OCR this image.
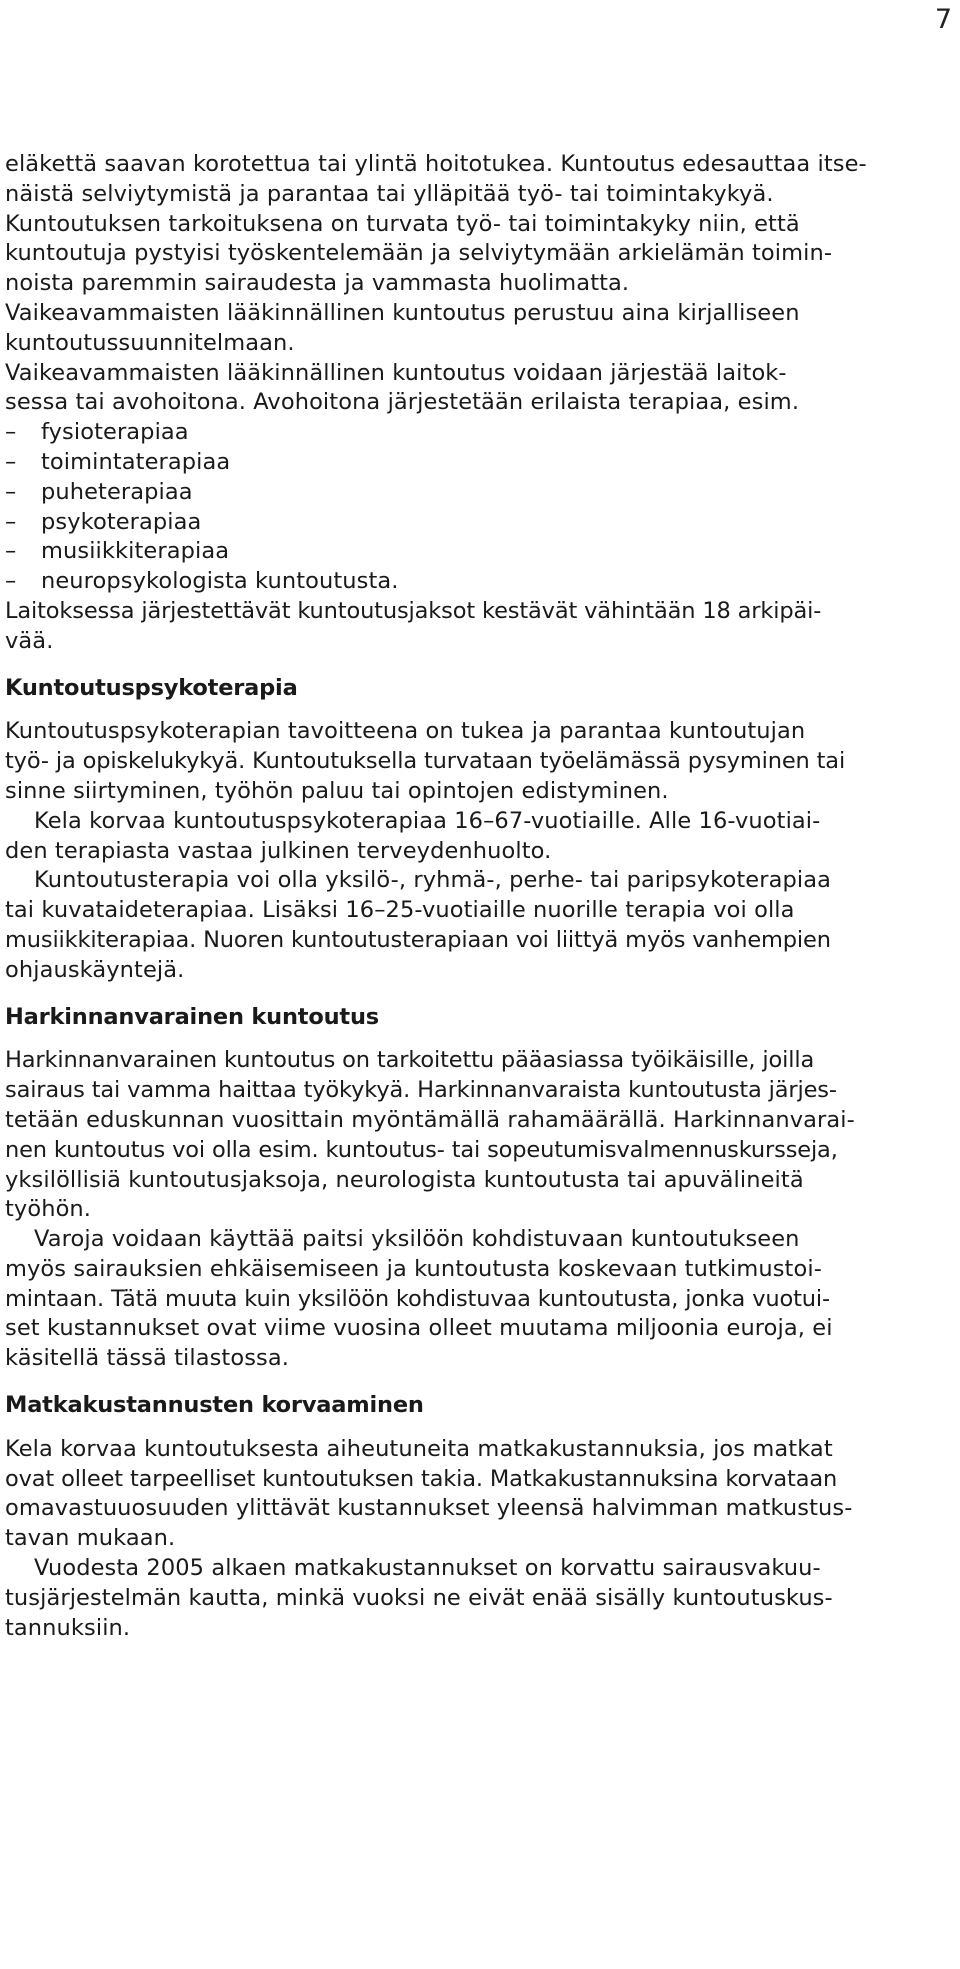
7
eläkettä saavan korotettua tai ylintä hoitotukea. Kuntoutus edesauttaa itse-
näistä selviytymistä ja parantaa tai ylläpitää työ- tai toimintakykyä.
Kuntoutuksen tarkoituksena on turvata työ- tai toimintakyky niin, että
kuntoutuja pystyisi työskentelemään ja selviytymään arkielämän toimin-
noista paremmin sairaudesta ja vammasta huolimatta.
Vaikeavammaisten lääkinnällinen kuntoutus perustuu aina kirjalliseen
kuntoutussuunnitelmaan.
Vaikeavammaisten lääkinnällinen kuntoutus voidaan järjestää laitok-
sessa tai avohoitona. Avohoitona järjestetään erilaista terapiaa, esim.
– fysioterapiaa
– toimintaterapiaa
– puheterapiaa
– psykoterapiaa
– musiikkiterapiaa
– neuropsykologista kuntoutusta.
Laitoksessa järjestettävät kuntoutusjaksot kestävät vähintään 18 arkipäi-
vää.
Kuntoutuspsykoterapia
Kuntoutuspsykoterapian tavoitteena on tukea ja parantaa kuntoutujan
työ- ja opiskelukykyä. Kuntoutuksella turvataan työelämässä pysyminen tai
sinne siirtyminen, työhön paluu tai opintojen edistyminen.
Kela korvaa kuntoutuspsykoterapiaa 16–67-vuotiaille. Alle 16-vuotiai-
den terapiasta vastaa julkinen terveydenhuolto.
Kuntoutusterapia voi olla yksilö-, ryhmä-, perhe- tai paripsykoterapiaa
tai kuvataideterapiaa. Lisäksi 16–25-vuotiaille nuorille terapia voi olla
musiikkiterapiaa. Nuoren kuntoutusterapiaan voi liittyä myös vanhempien
ohjauskäyntejä.
Harkinnanvarainen kuntoutus
Harkinnanvarainen kuntoutus on tarkoitettu pääasiassa työikäisille, joilla
sairaus tai vamma haittaa työkykyä. Harkinnanvaraista kuntoutusta järjes-
tetään eduskunnan vuosittain myöntämällä rahamäärällä. Harkinnanvarai-
nen kuntoutus voi olla esim. kuntoutus- tai sopeutumisvalmennuskursseja,
yksilöllisiä kuntoutusjaksoja, neurologista kuntoutusta tai apuvälineitä
työhön.
Varoja voidaan käyttää paitsi yksilöön kohdistuvaan kuntoutukseen
myös sairauksien ehkäisemiseen ja kuntoutusta koskevaan tutkimustoi-
mintaan. Tätä muuta kuin yksilöön kohdistuvaa kuntoutusta, jonka vuotui-
set kustannukset ovat viime vuosina olleet muutama miljoonia euroja, ei
käsitellä tässä tilastossa.
Matkakustannusten korvaaminen
Kela korvaa kuntoutuksesta aiheutuneita matkakustannuksia, jos matkat
ovat olleet tarpeelliset kuntoutuksen takia. Matkakustannuksina korvataan
omavastuuosuuden ylittävät kustannukset yleensä halvimman matkustus-
tavan mukaan.
Vuodesta 2005 alkaen matkakustannukset on korvattu sairausvakuu-
tusjärjestelmän kautta, minkä vuoksi ne eivät enää sisälly kuntoutuskus-
tannuksiin.
